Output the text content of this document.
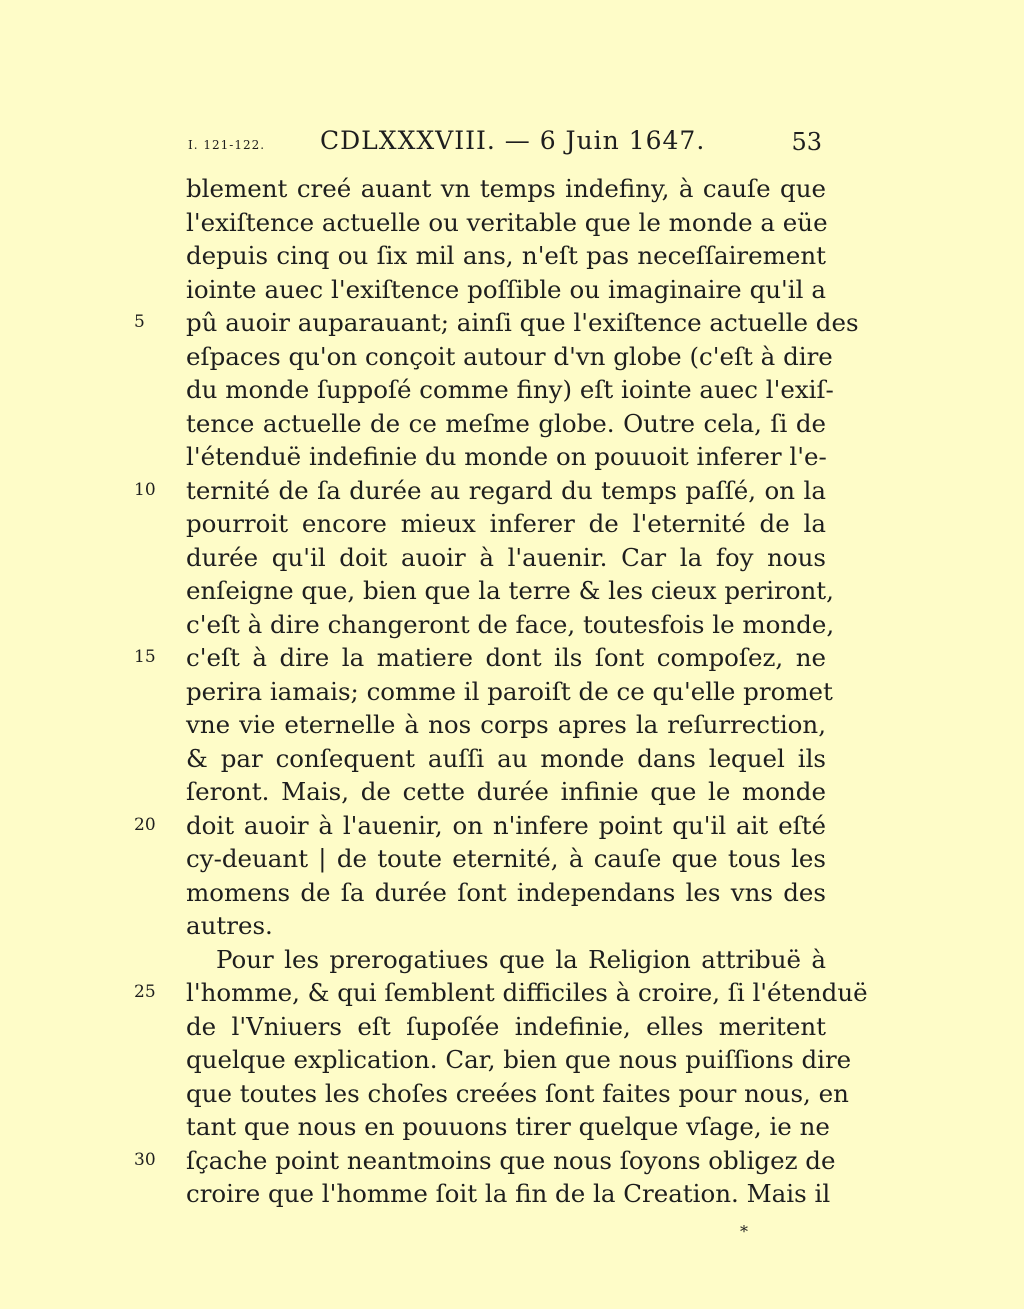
I. 121-122. CDLXXXVIII. — 6 Juin 1647.	53
blement creé auant vn temps indefiny, à cauſe que
l'exiſtence actuelle ou veritable que le monde a eüe
depuis cinq ou ſix mil ans, n'eſt pas neceſſairement
iointe auec l'exiſtence poſſible ou imaginaire qu'il a
5	pû auoir auparauant; ainſi que l'exiſtence actuelle des
eſpaces qu'on conçoit autour d'vn globe (c'eſt à dire
du monde ſuppoſé comme finy) eſt iointe auec l'exiſ-
tence actuelle de ce meſme globe. Outre cela, ſi de
l'étenduë indefinie du monde on pouuoit inferer l'e-
10	ternité de ſa durée au regard du temps paſſé, on la
pourroit encore mieux inferer de l'eternité de la
durée qu'il doit auoir à l'auenir. Car la foy nous
enſeigne que, bien que la terre & les cieux periront,
c'eſt à dire changeront de face, toutesfois le monde,
15	c'eſt à dire la matiere dont ils ſont compoſez, ne
perira iamais; comme il paroiſt de ce qu'elle promet
vne vie eternelle à nos corps apres la reſurrection,
& par conſequent auſſi au monde dans lequel ils
ſeront. Mais, de cette durée infinie que le monde
20	doit auoir à l'auenir, on n'infere point qu'il ait eſté
cy-deuant | de toute eternité, à cauſe que tous les
momens de ſa durée ſont independans les vns des
autres.
Pour les prerogatiues que la Religion attribuë à
25	l'homme, & qui ſemblent difficiles à croire, ſi l'étenduë
de l'Vniuers eſt ſupoſée indefinie, elles meritent
quelque explication. Car, bien que nous puiſſions dire
que toutes les choſes creées ſont faites pour nous, en
tant que nous en pouuons tirer quelque vſage, ie ne
30	ſçache point neantmoins que nous ſoyons obligez de
croire que l'homme ſoit la fin de la Creation. Mais il
*
